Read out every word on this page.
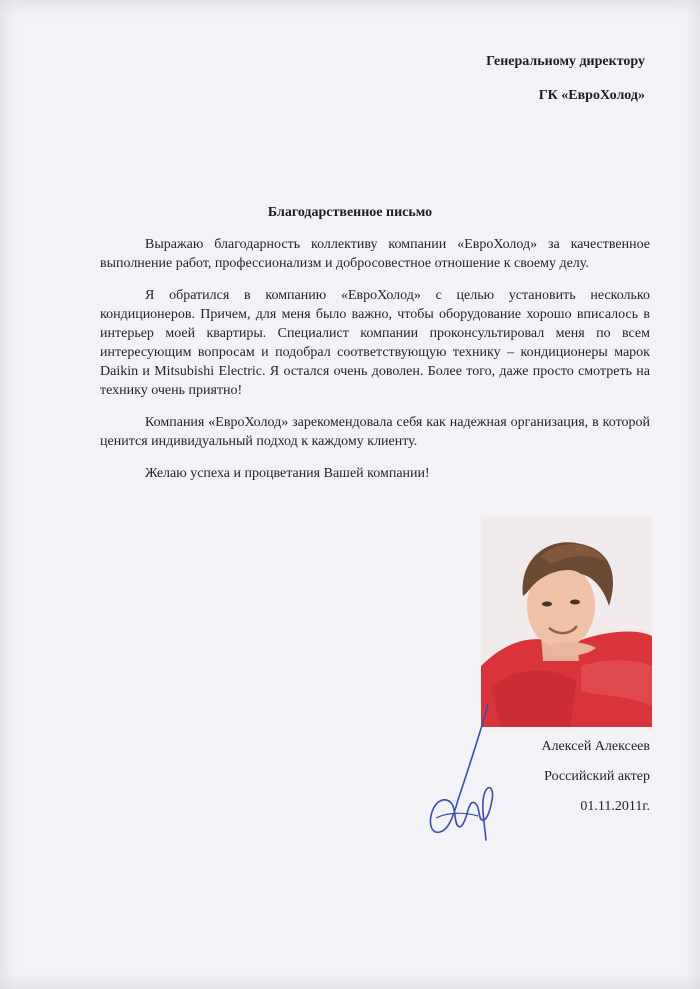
Генеральному директору
ГК «ЕвроХолод»
Благодарственное письмо

Выражаю благодарность коллективу компании «ЕвроХолод» за качественное выполнение работ, профессионализм и добросовестное отношение к своему делу.

Я обратился в компанию «ЕвроХолод» с целью установить несколько кондиционеров. Причем, для меня было важно, чтобы оборудование хорошо вписалось в интерьер моей квартиры. Специалист компании проконсультировал меня по всем интересующим вопросам и подобрал соответствующую технику – кондиционеры марок Daikin и Mitsubishi Electric. Я остался очень доволен. Более того, даже просто смотреть на технику очень приятно!

Компания «ЕвроХолод» зарекомендовала себя как надежная организация, в которой ценится индивидуальный подход к каждому клиенту.

Желаю успеха и процветания Вашей компании!

Алексей Алексеев
Российский актер
01.11.2011г.
